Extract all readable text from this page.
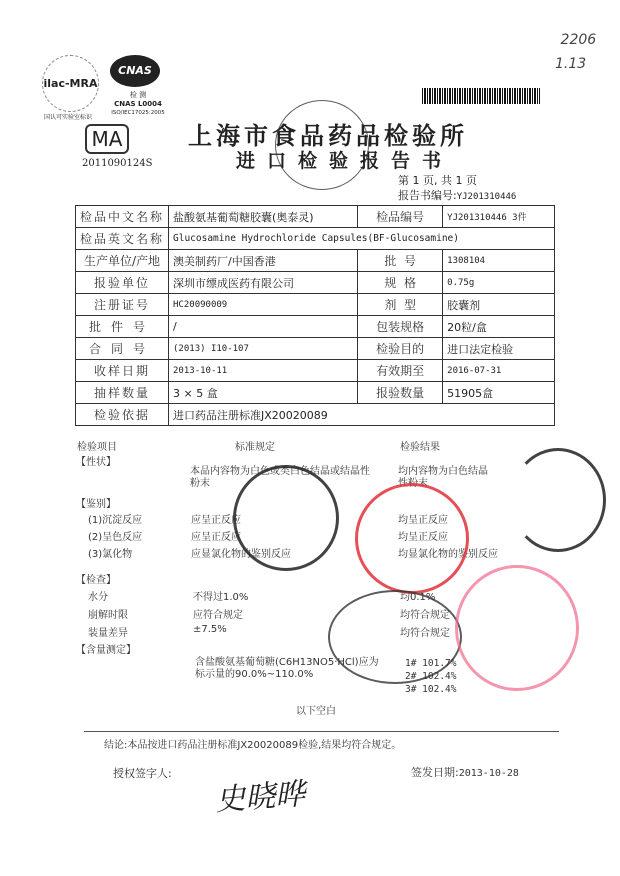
2206
1.13
ilac-MRA
国认可实验室标识
CNAS
检 测
CNAS L0004
ISO/IEC17025:2005
MA
2011090124S
上海市食品药品检验所
进口检验报告书
第 1 页, 共 1 页
报告书编号:YJ201310446
检品中文名称	盐酸氨基葡萄糖胶囊(奥泰灵)	检品编号	YJ201310446 3件
检品英文名称	Glucosamine Hydrochloride Capsules(BF-Glucosamine)		
生产单位/产地	澳美制药厂/中国香港	批  号	1308104
报验单位	深圳市缥成医药有限公司	规  格	0.75g
注册证号	HC20090009	剂  型	胶囊剂
批件号	/	包装规格	20粒/盒
合同号	(2013) I10-107	检验目的	进口法定检验
收样日期	2013-10-11	有效期至	2016-07-31
抽样数量	3 × 5 盒	报验数量	51905盒
检验依据	进口药品注册标准JX20020089		
检验项目	标准规定	检验结果
【性状】
本品内容物为白色或类白色结晶或结晶性粉末
均内容物为白色结晶性粉末
【鉴别】
(1)沉淀反应	应呈正反应	均呈正反应
(2)呈色反应	应呈正反应	均呈正反应
(3)氯化物	应显氯化物的鉴别反应	均显氯化物的鉴别反应
【检查】
水分	不得过1.0%	均0.1%
崩解时限	应符合规定	均符合规定
装量差异	±7.5%	均符合规定
【含量测定】
含盐酸氨基葡萄糖(C6H13NO5·HCl)应为标示量的90.0%~110.0%
1# 101.7%
2# 102.4%
3# 102.4%
以下空白
结论:本品按进口药品注册标准JX20020089检验,结果均符合规定。
授权签字人:
史晓晔
签发日期:2013-10-28
